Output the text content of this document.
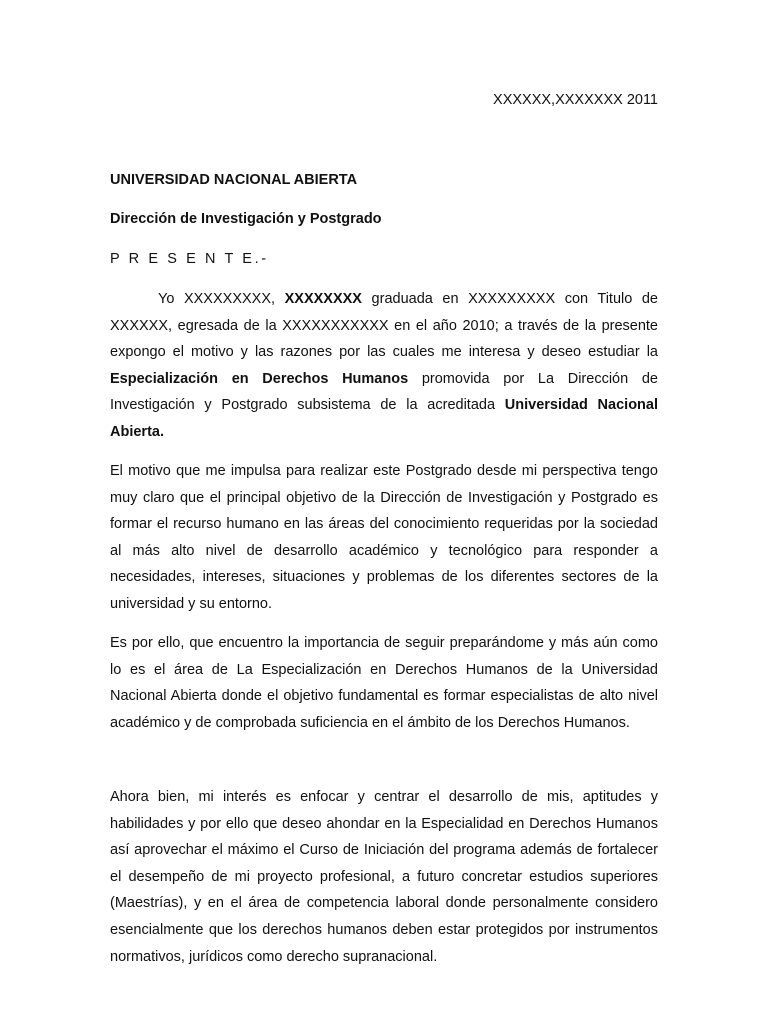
XXXXXX,XXXXXXX 2011
UNIVERSIDAD NACIONAL ABIERTA
Dirección de Investigación y Postgrado
P R E S E N T E.-

Yo XXXXXXXXX, XXXXXXXX graduada en XXXXXXXXX con Titulo de XXXXXX, egresada de la XXXXXXXXXXX en el año 2010; a través de la presente expongo el motivo y las razones por las cuales me interesa y deseo estudiar la Especialización en Derechos Humanos promovida por La Dirección de Investigación y Postgrado subsistema de la acreditada Universidad Nacional Abierta.

El motivo que me impulsa para realizar este Postgrado desde mi perspectiva tengo muy claro que el principal objetivo de la Dirección de Investigación y Postgrado es formar el recurso humano en las áreas del conocimiento requeridas por la sociedad al más alto nivel de desarrollo académico y tecnológico para responder a necesidades, intereses, situaciones y problemas de los diferentes sectores de la universidad y su entorno.

Es por ello, que encuentro la importancia de seguir preparándome y más aún como lo es el área de La Especialización en Derechos Humanos de la Universidad Nacional Abierta donde el objetivo fundamental es formar especialistas de alto nivel académico y de comprobada suficiencia en el ámbito de los Derechos Humanos.

Ahora bien, mi interés es enfocar y centrar el desarrollo de mis, aptitudes y habilidades y por ello que deseo ahondar en la Especialidad en Derechos Humanos así aprovechar el máximo el Curso de Iniciación del programa además de fortalecer el desempeño de mi proyecto profesional, a futuro concretar estudios superiores (Maestrías), y en el área de competencia laboral donde personalmente considero esencialmente que los derechos humanos deben estar protegidos por instrumentos normativos, jurídicos como derecho supranacional.
